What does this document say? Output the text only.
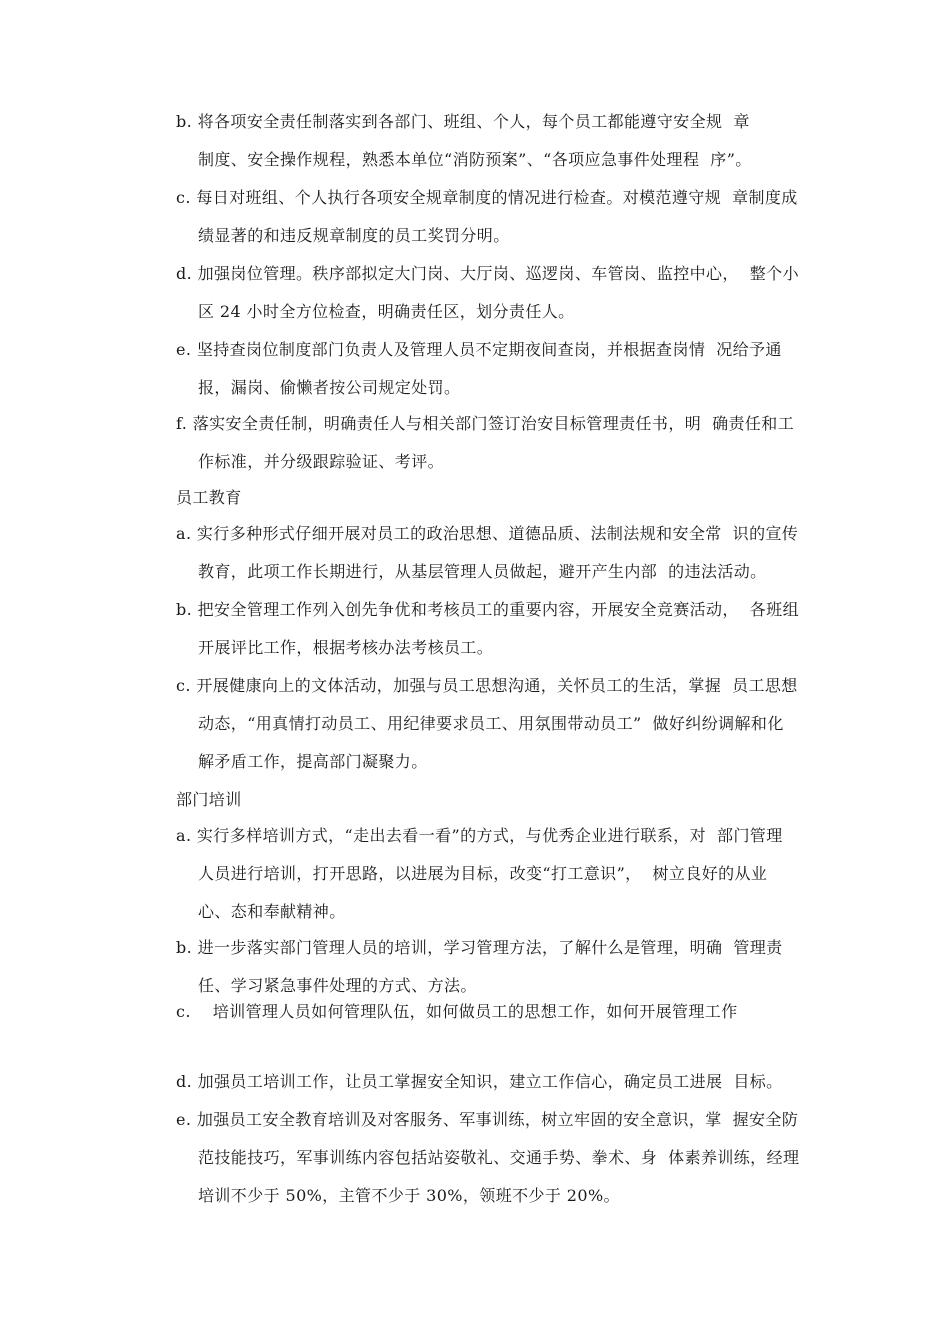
b. 将各项安全责任制落实到各部门、班组、个人，每个员工都能遵守安全规  章
制度、安全操作规程，熟悉本单位“消防预案”、“各项应急事件处理程  序”。
c. 每日对班组、个人执行各项安全规章制度的情况进行检查。对模范遵守规  章制度成
绩显著的和违反规章制度的员工奖罚分明。
d. 加强岗位管理。秩序部拟定大门岗、大厅岗、巡逻岗、车管岗、监控中心，  整个小
区 24 小时全方位检查，明确责任区，划分责任人。
e. 坚持查岗位制度部门负责人及管理人员不定期夜间查岗，并根据查岗情  况给予通
报，漏岗、偷懒者按公司规定处罚。
f. 落实安全责任制，明确责任人与相关部门签订治安目标管理责任书，明  确责任和工
作标准，并分级跟踪验证、考评。
员工教育
a. 实行多种形式仔细开展对员工的政治思想、道德品质、法制法规和安全常  识的宣传
教育，此项工作长期进行，从基层管理人员做起，避开产生内部  的违法活动。
b. 把安全管理工作列入创先争优和考核员工的重要内容，开展安全竞赛活动，  各班组
开展评比工作，根据考核办法考核员工。
c. 开展健康向上的文体活动，加强与员工思想沟通，关怀员工的生活，掌握  员工思想
动态，“用真情打动员工、用纪律要求员工、用氛围带动员工”  做好纠纷调解和化
解矛盾工作，提高部门凝聚力。
部门培训
a. 实行多样培训方式，“走出去看一看”的方式，与优秀企业进行联系，对  部门管理
人员进行培训，打开思路，以进展为目标，改变“打工意识”，  树立良好的从业
心、态和奉献精神。
b. 进一步落实部门管理人员的培训，学习管理方法，了解什么是管理，明确  管理责
任、学习紧急事件处理的方式、方法。
c.    培训管理人员如何管理队伍，如何做员工的思想工作，如何开展管理工作
d. 加强员工培训工作，让员工掌握安全知识，建立工作信心，确定员工进展  目标。
e. 加强员工安全教育培训及对客服务、军事训练，树立牢固的安全意识，掌  握安全防
范技能技巧，军事训练内容包括站姿敬礼、交通手势、拳术、身  体素养训练，经理
培训不少于 50%，主管不少于 30%，领班不少于 20%。
